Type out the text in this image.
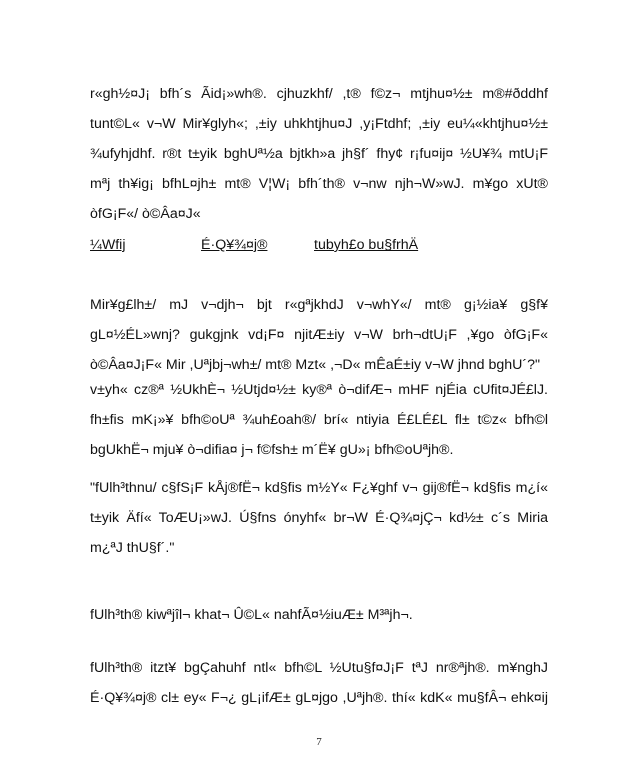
r«gh½¤J¡ bfh´s Ãid¡»wh®. cjhuzkhf/ ,t® f©z¬ mtjhu¤½± m®#ðddhf
tunt©L« v¬W Mir¥glyh«; ,±iy uhkhtjhu¤J ,y¡Ftdhf; ,±iy eu¼«khtjhu¤½±
¾ufyhjdhf. r®t t±yik bghUª½a bjtkh»a jh§f´ fhy¢ r¡fu¤ij¤ ½U¥¾ mtU¡F
mªj th¥ig¡ bfhL¤jh± mt® V¦W¡ bfh´th® v¬nw njh¬W»wJ. m¥go xUt®
òfG¡F«/ ò©Âa¤J«

¼Wfij	É·Q¥¾¤j®	tubyh£o bu§frhÄ

Mir¥g£lh±/ mJ v¬djh¬ bjt r«gªjkhdJ v¬whY«/ mt® g¡½ia¥ g§f¥
gL¤½ÉL»wnj? gukgjnk vd¡F¤ njitÆ±iy v¬W brh¬dtU¡F ,¥go òfG¡F«
ò©Âa¤J¡F« Mir ,Uªjbj¬wh±/ mt® Mzt« ,¬D« mÊaÉ±iy v¬W jhnd bghU´?"

v±yh« cz®ª ½UkhÈ¬ ½Utjd¤½± ky®ª ò¬difÆ¬ mHF njÉia cUfit¤JÉ£lJ.
fh±fis mK¡»¥ bfh©oUª ¾uh£oah®/ brí« ntiyia É£LÉ£L fl± t©z« bfh©l
bgUkhË¬ mju¥ ò¬difia¤ j¬ f©fsh± m´Ë¥ gU»¡ bfh©oUªjh®.

"fUlh³thnu/ c§fS¡F kÅj®fË¬ kd§fis m½Y« F¿¥ghf v¬ gij®fË¬ kd§fis m¿í«
t±yik Äfí« ToÆU¡»wJ. Ú§fns ónyhf« br¬W É·Q¾¤jÇ¬ kd½± c´s Miria
m¿ªJ thU§f´."

fUlh³th® kiwªjîl¬ khat¬ Û©L« nahfÃ¤½iuÆ± M³ªjh¬.

fUlh³th® itzt¥ bgÇahuhf ntl« bfh©L ½Utu§f¤J¡F tªJ nr®ªjh®. m¥nghJ
É·Q¥¾¤j® cl± ey« F¬¿ gL¡ifÆ± gL¤jgo ,Uªjh®. thí« kdK« mu§fÂ¬ ehk¤ij

7
